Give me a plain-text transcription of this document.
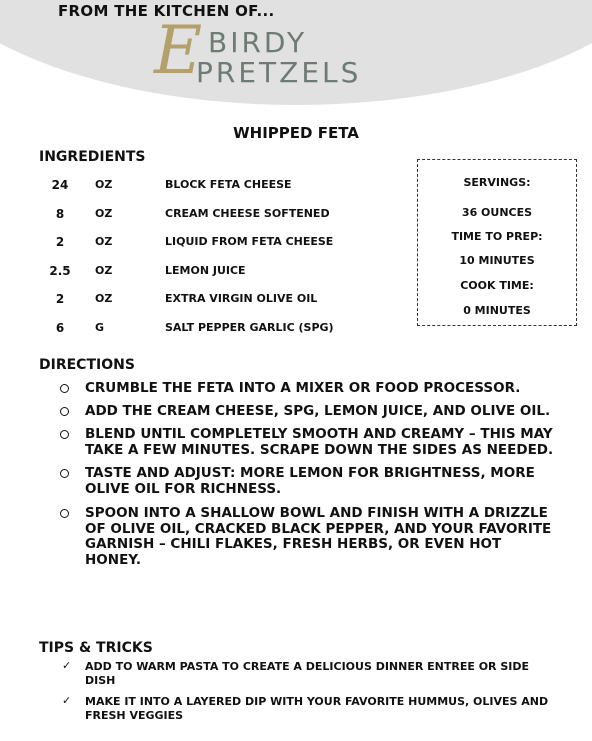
FROM THE KITCHEN OF...
E BIRDY
PRETZELS
WHIPPED FETA
INGREDIENTS
24	OZ	BLOCK FETA CHEESE
8	OZ	CREAM CHEESE SOFTENED
2	OZ	LIQUID FROM FETA CHEESE
2.5	OZ	LEMON JUICE
2	OZ	EXTRA VIRGIN OLIVE OIL
6	G	SALT PEPPER GARLIC (SPG)
SERVINGS:
36 OUNCES
TIME TO PREP:
10 MINUTES
COOK TIME:
0 MINUTES
DIRECTIONS
CRUMBLE THE FETA INTO A MIXER OR FOOD PROCESSOR.
ADD THE CREAM CHEESE, SPG, LEMON JUICE, AND OLIVE OIL.
BLEND UNTIL COMPLETELY SMOOTH AND CREAMY – THIS MAY TAKE A FEW MINUTES. SCRAPE DOWN THE SIDES AS NEEDED.
TASTE AND ADJUST: MORE LEMON FOR BRIGHTNESS, MORE OLIVE OIL FOR RICHNESS.
SPOON INTO A SHALLOW BOWL AND FINISH WITH A DRIZZLE OF OLIVE OIL, CRACKED BLACK PEPPER, AND YOUR FAVORITE GARNISH – CHILI FLAKES, FRESH HERBS, OR EVEN HOT HONEY.
TIPS & TRICKS
✓ ADD TO WARM PASTA TO CREATE A DELICIOUS DINNER ENTREE OR SIDE DISH
✓ MAKE IT INTO A LAYERED DIP WITH YOUR FAVORITE HUMMUS, OLIVES AND FRESH VEGGIES
